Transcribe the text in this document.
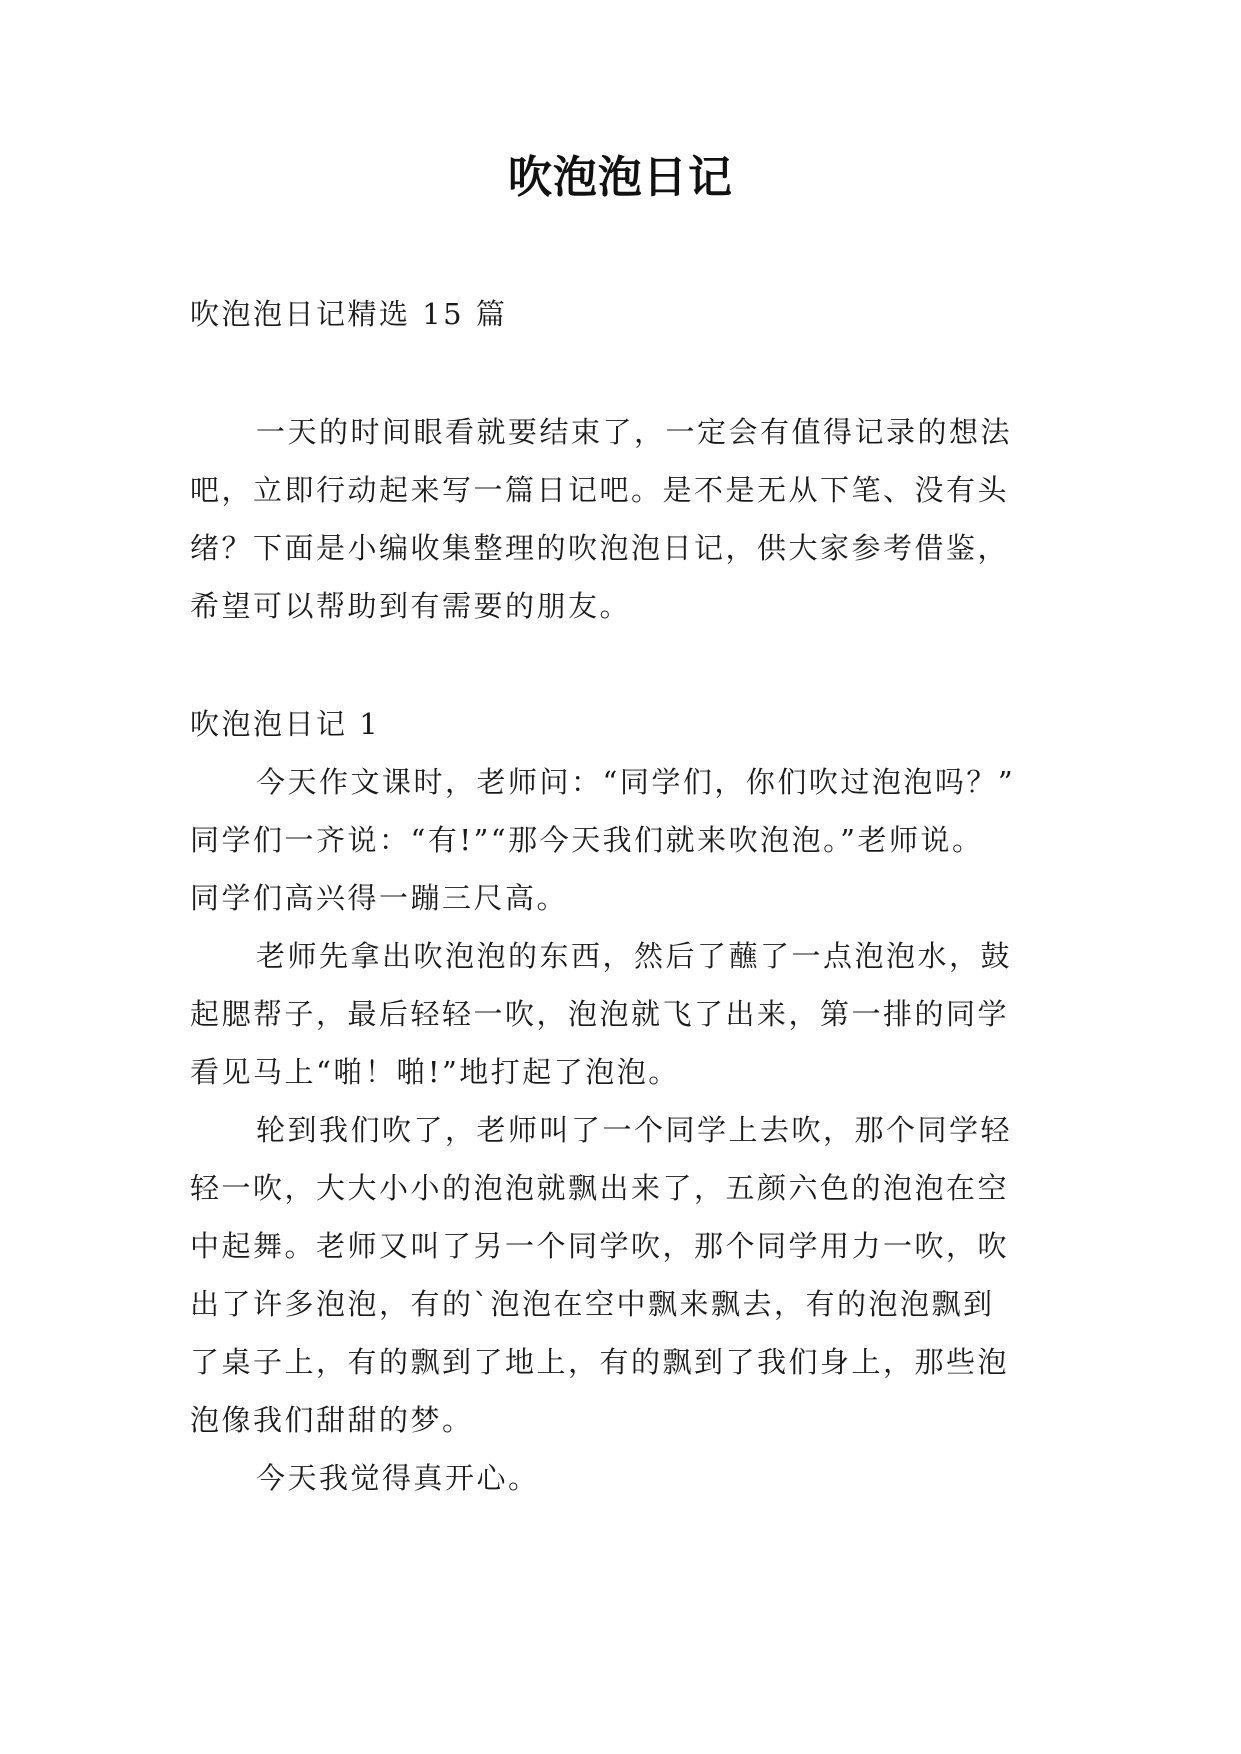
吹泡泡日记
吹泡泡日记精选 15 篇
一天的时间眼看就要结束了，一定会有值得记录的想法
吧，立即行动起来写一篇日记吧。是不是无从下笔、没有头
绪？下面是小编收集整理的吹泡泡日记，供大家参考借鉴，
希望可以帮助到有需要的朋友。
吹泡泡日记 1
今天作文课时，老师问：“同学们，你们吹过泡泡吗？”
同学们一齐说：“有!”“那今天我们就来吹泡泡。”老师说。
同学们高兴得一蹦三尺高。
老师先拿出吹泡泡的东西，然后了蘸了一点泡泡水，鼓
起腮帮子，最后轻轻一吹，泡泡就飞了出来，第一排的同学
看见马上“啪！啪!”地打起了泡泡。
轮到我们吹了，老师叫了一个同学上去吹，那个同学轻
轻一吹，大大小小的泡泡就飘出来了，五颜六色的泡泡在空
中起舞。老师又叫了另一个同学吹，那个同学用力一吹，吹
出了许多泡泡，有的`泡泡在空中飘来飘去，有的泡泡飘到
了桌子上，有的飘到了地上，有的飘到了我们身上，那些泡
泡像我们甜甜的梦。
今天我觉得真开心。
